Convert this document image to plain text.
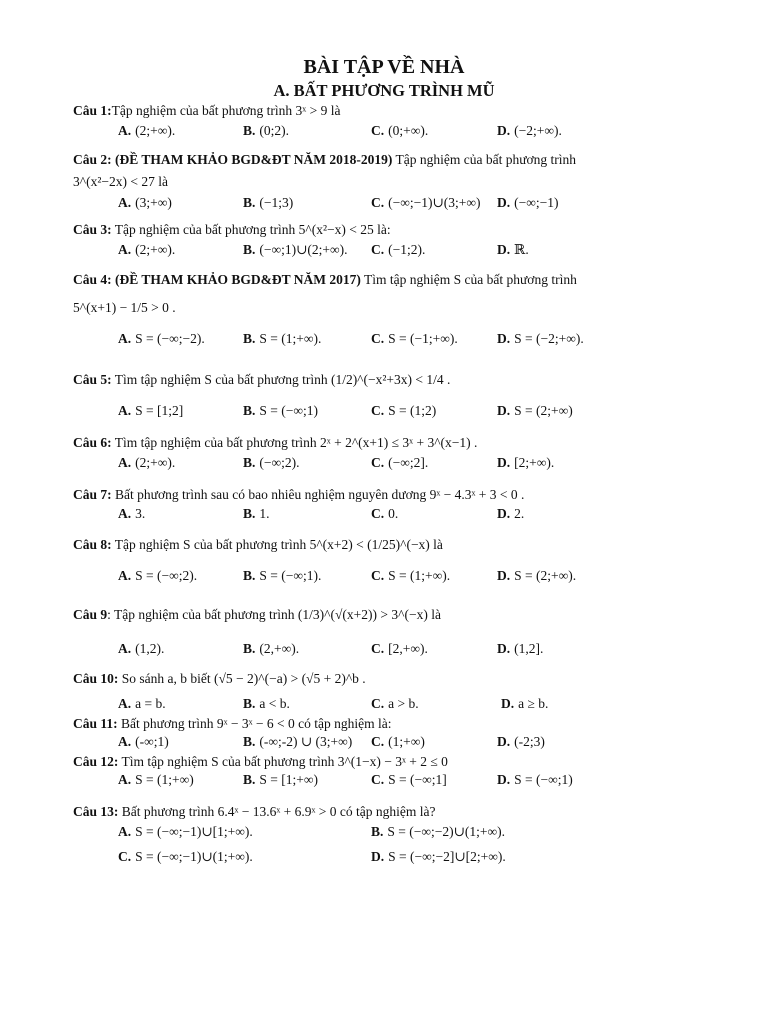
BÀI TẬP VỀ NHÀ
A. BẤT PHƯƠNG TRÌNH MŨ
Câu 1:Tập nghiệm của bất phương trình 3ˣ > 9 là
A. (2;+∞).	B. (0;2).	C. (0;+∞).	D. (−2;+∞).
Câu 2: (ĐỀ THAM KHẢO BGD&ĐT NĂM 2018-2019) Tập nghiệm của bất phương trình
3^(x²−2x) < 27 là
A. (3;+∞)	B. (−1;3)	C. (−∞;−1)∪(3;+∞) D. (−∞;−1)
Câu 3: Tập nghiệm của bất phương trình 5^(x²−x) < 25 là:
A. (2;+∞).	B. (−∞;1)∪(2;+∞). C. (−1;2).	D. ℝ.
Câu 4: (ĐỀ THAM KHẢO BGD&ĐT NĂM 2017) Tìm tập nghiệm S của bất phương trình
5^(x+1) − 1/5 > 0 .
A. S = (−∞;−2).	B. S = (1;+∞).	C. S = (−1;+∞).	D. S = (−2;+∞).
Câu 5: Tìm tập nghiệm S của bất phương trình (1/2)^(−x²+3x) < 1/4 .
A. S = [1;2]	B. S = (−∞;1)	C. S = (1;2)	D. S = (2;+∞)
Câu 6: Tìm tập nghiệm của bất phương trình 2ˣ + 2^(x+1) ≤ 3ˣ + 3^(x−1) .
A. (2;+∞).	B. (−∞;2).	C. (−∞;2].	D. [2;+∞).
Câu 7: Bất phương trình sau có bao nhiêu nghiệm nguyên dương 9ˣ − 4.3ˣ + 3 < 0 .
A. 3.	B. 1.	C. 0.	D. 2.
Câu 8: Tập nghiệm S của bất phương trình 5^(x+2) < (1/25)^(−x) là
A. S = (−∞;2).	B. S = (−∞;1).	C. S = (1;+∞).	D. S = (2;+∞).
Câu 9: Tập nghiệm của bất phương trình (1/3)^(√(x+2)) > 3^(−x) là
A. (1,2).	B. (2,+∞).	C. [2,+∞).	D. (1,2].
Câu 10: So sánh a, b biết (√5 − 2)^(−a) > (√5 + 2)^b .
A. a = b.	B. a < b.	C. a > b.	D. a ≥ b.
Câu 11: Bất phương trình 9ˣ − 3ˣ − 6 < 0 có tập nghiệm là:
A. (-∞;1)	B. (-∞;-2) ∪ (3;+∞) C. (1;+∞)	D. (-2;3)
Câu 12: Tìm tập nghiệm S của bất phương trình 3^(1−x) − 3ˣ + 2 ≤ 0
A. S = (1;+∞)	B. S = [1;+∞)	C. S = (−∞;1]	D. S = (−∞;1)
Câu 13: Bất phương trình 6.4ˣ − 13.6ˣ + 6.9ˣ > 0 có tập nghiệm là?
A. S = (−∞;−1)∪[1;+∞).	B. S = (−∞;−2)∪(1;+∞).
C. S = (−∞;−1)∪(1;+∞).	D. S = (−∞;−2]∪[2;+∞).
